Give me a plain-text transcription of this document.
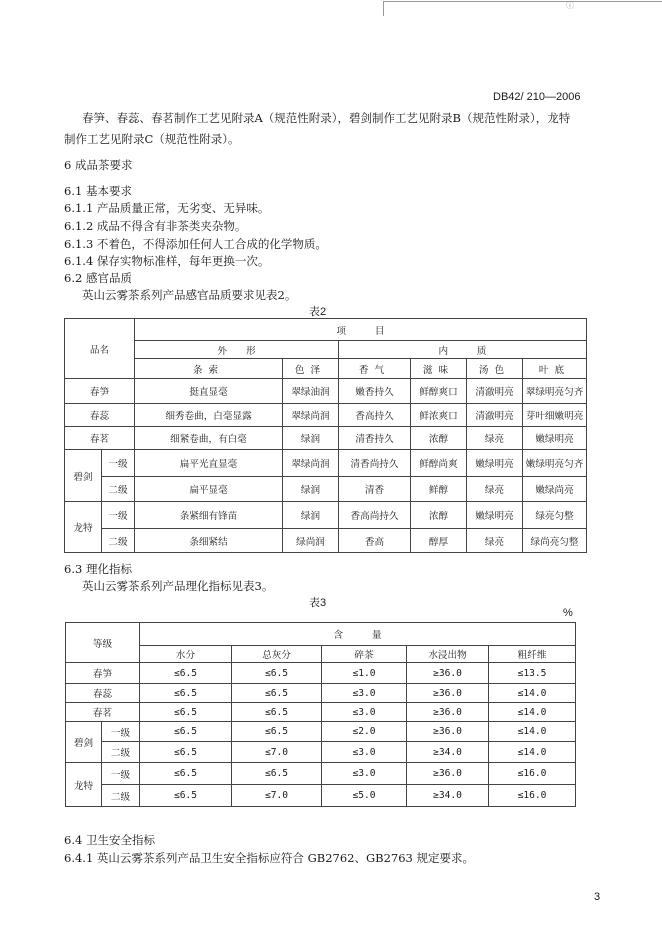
ⓘ
DB42/ 210—2006
春笋、春蕊、春茗制作工艺见附录A（规范性附录），碧剑制作工艺见附录B（规范性附录），龙特
制作工艺见附录C（规范性附录）。
6 成品茶要求
6.1 基本要求
6.1.1 产品质量正常，无劣变、无异味。
6.1.2 成品不得含有非茶类夹杂物。
6.1.3 不着色，不得添加任何人工合成的化学物质。
6.1.4 保存实物标准样，每年更换一次。
6.2 感官品质
英山云雾茶系列产品感官品质要求见表2。
表2
品名		项　　　目					
		外　　形		内　　　质			
		条索	色泽	香气	滋味	汤色	叶底
春笋		挺直显毫	翠绿油润	嫩香持久	鲜醇爽口	清澈明亮	翠绿明亮匀齐
春蕊		细秀卷曲，白毫显露	翠绿尚润	香高持久	鲜浓爽口	清澈明亮	芽叶细嫩明亮
春茗		细紧卷曲，有白毫	绿润	清香持久	浓醇	绿亮	嫩绿明亮
碧剑	一级	扁平光直显毫	翠绿尚润	清香尚持久	鲜醇尚爽	嫩绿明亮	嫩绿明亮匀齐
	二级	扁平显毫	绿润	清香	鲜醇	绿亮	嫩绿尚亮
龙特	一级	条紧细有锋苗	绿润	香高尚持久	浓醇	嫩绿明亮	绿亮匀整
	二级	条细紧结	绿尚润	香高	醇厚	绿亮	绿尚亮匀整
6.3 理化指标
英山云雾茶系列产品理化指标见表3。
表3
%
等级		含　　　量				
		水分	总灰分	碎茶	水浸出物	粗纤维
春笋		≤6.5	≤6.5	≤1.0	≥36.0	≤13.5
春蕊		≤6.5	≤6.5	≤3.0	≥36.0	≤14.0
春茗		≤6.5	≤6.5	≤3.0	≥36.0	≤14.0
碧剑	一级	≤6.5	≤6.5	≤2.0	≥36.0	≤14.0
	二级	≤6.5	≤7.0	≤3.0	≥34.0	≤14.0
龙特	一级	≤6.5	≤6.5	≤3.0	≥36.0	≤16.0
	二级	≤6.5	≤7.0	≤5.0	≥34.0	≤16.0
6.4 卫生安全指标
6.4.1 英山云雾茶系列产品卫生安全指标应符合 GB2762、GB2763 规定要求。
3
